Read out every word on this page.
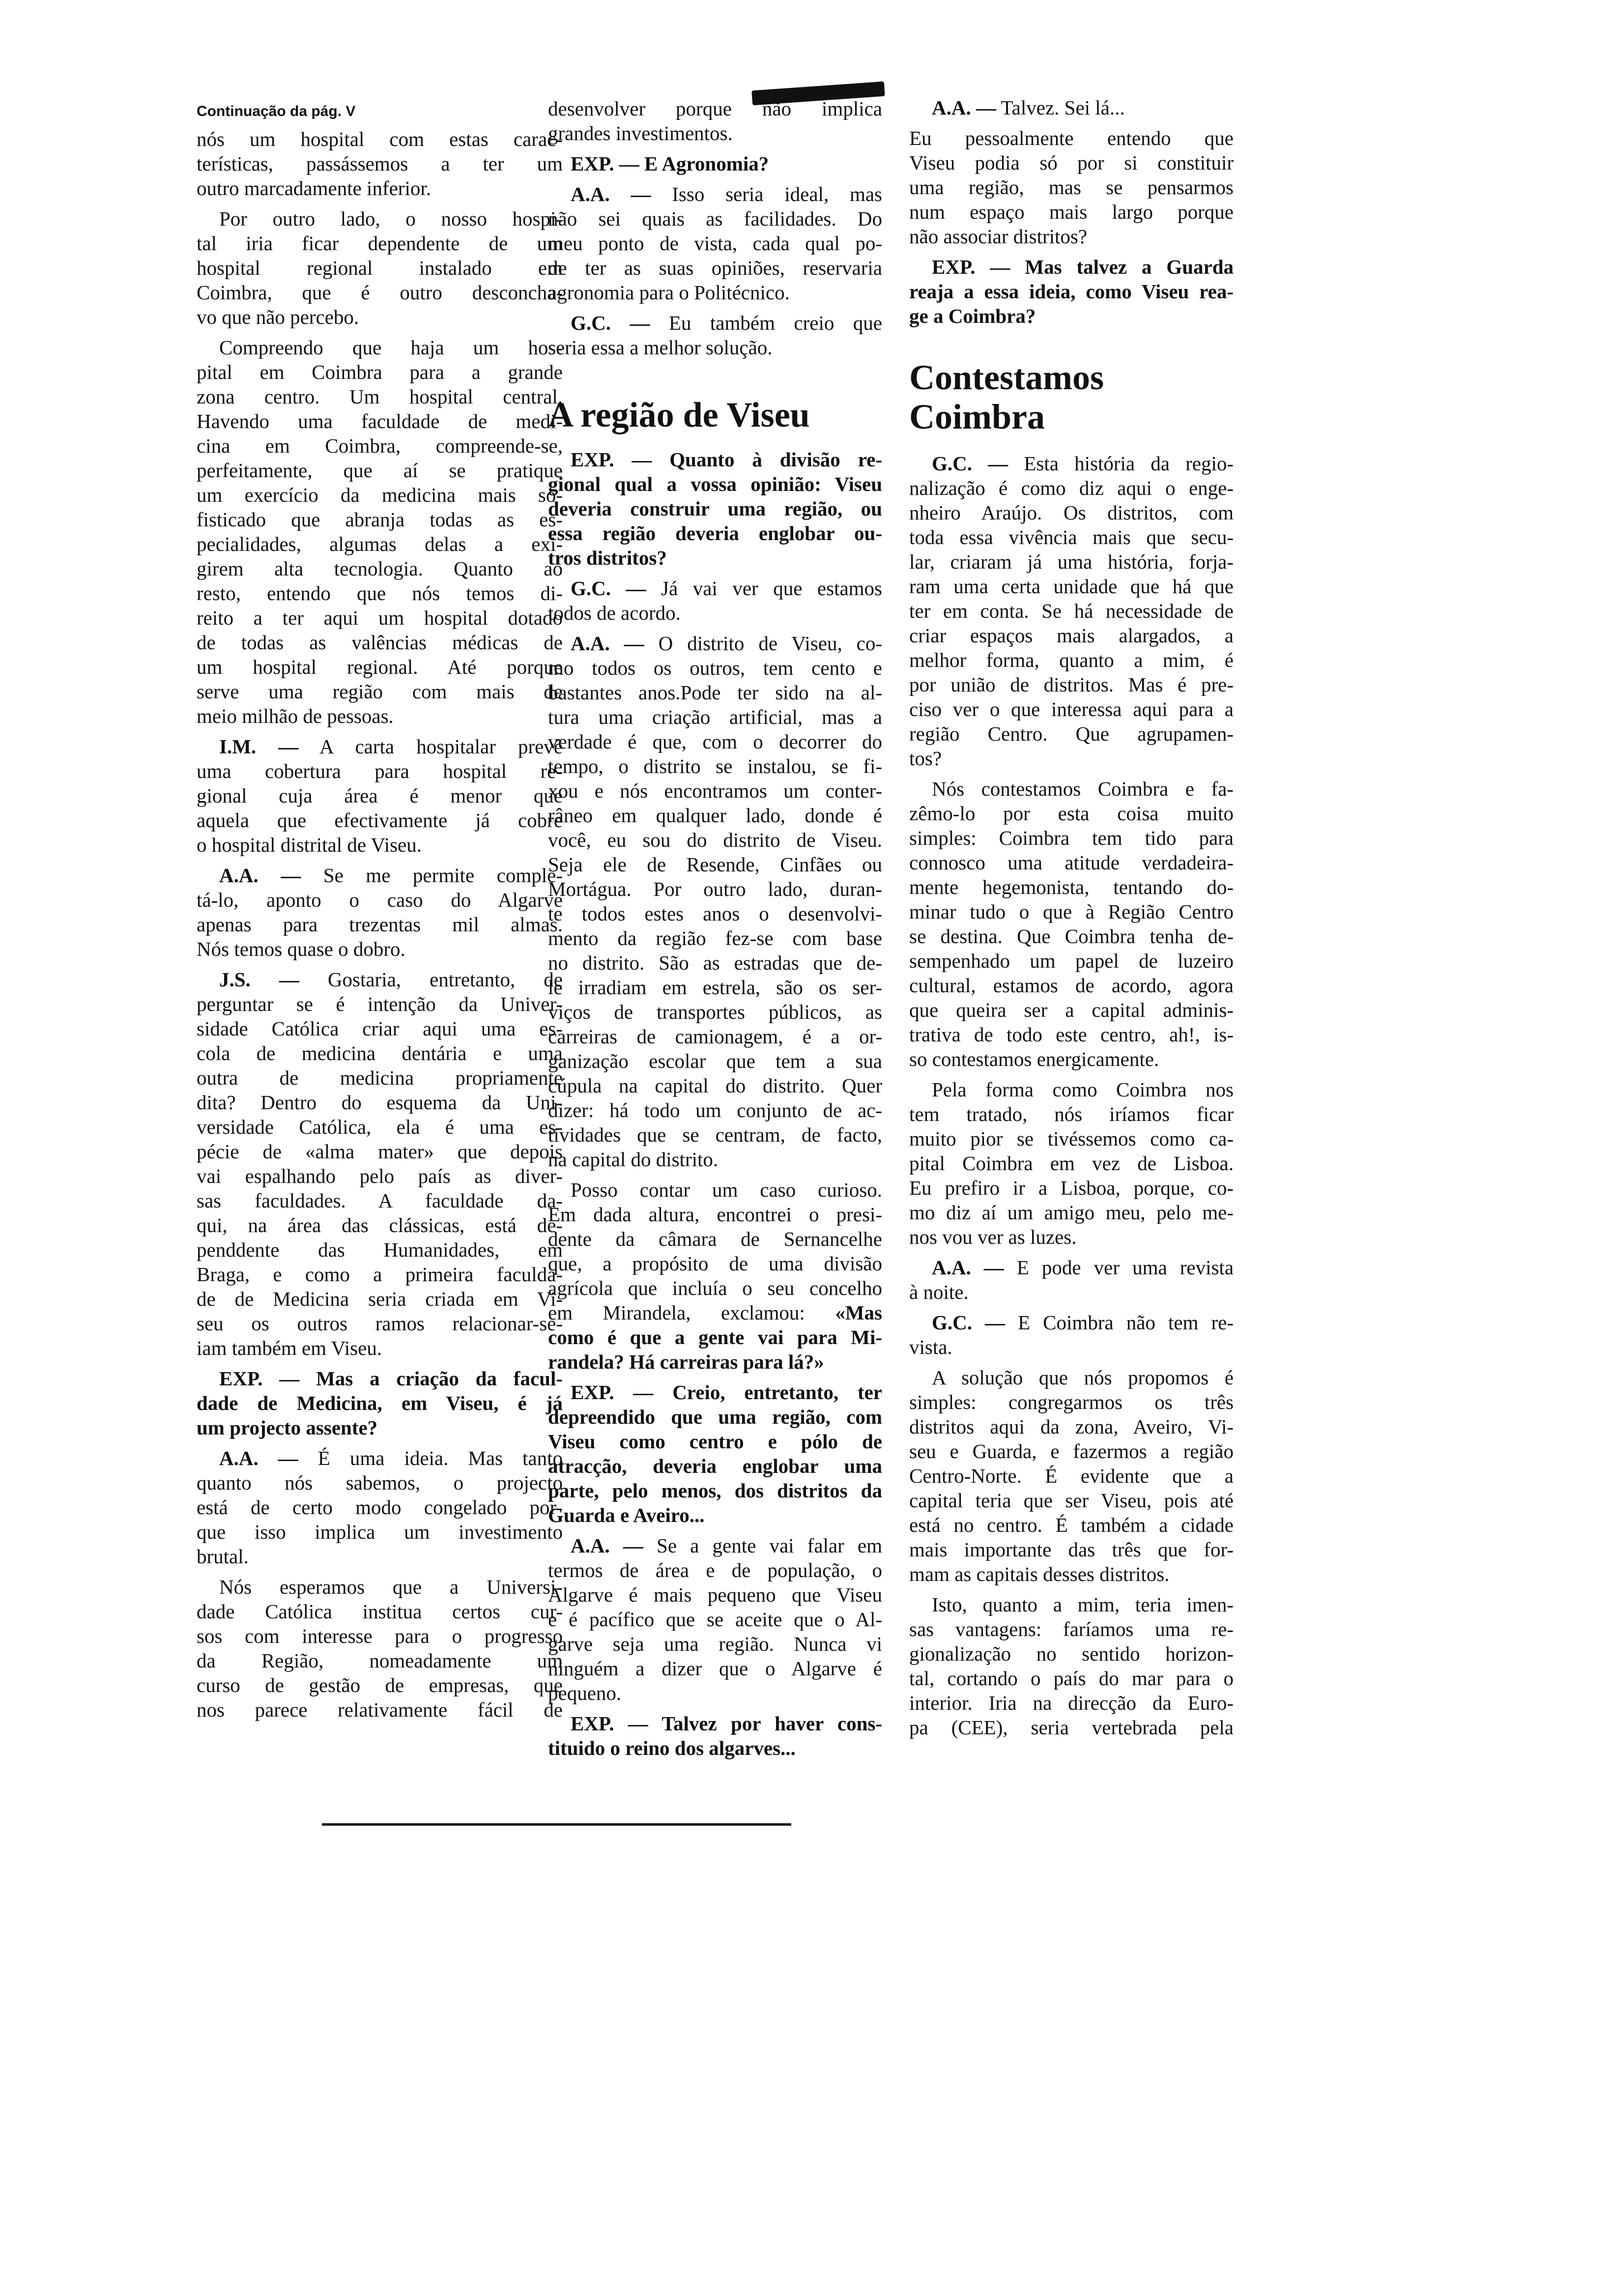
Continuação da pág. V
nós um hospital com estas carac-
terísticas, passássemos a ter um
outro marcadamente inferior.
Por outro lado, o nosso hospi-
tal iria ficar dependente de um
hospital regional instalado em
Coimbra, que é outro desconcha-
vo que não percebo.
Compreendo que haja um hos-
pital em Coimbra para a grande
zona centro. Um hospital central.
Havendo uma faculdade de medi-
cina em Coimbra, compreende-se,
perfeitamente, que aí se pratique
um exercício da medicina mais so-
fisticado que abranja todas as es-
pecialidades, algumas delas a exi-
girem alta tecnologia. Quanto ao
resto, entendo que nós temos di-
reito a ter aqui um hospital dotado
de todas as valências médicas de
um hospital regional. Até porque
serve uma região com mais de
meio milhão de pessoas.
I.M. — A carta hospitalar prevê
uma cobertura para hospital re-
gional cuja área é menor que
aquela que efectivamente já cobre
o hospital distrital de Viseu.
A.A. — Se me permite comple-
tá-lo, aponto o caso do Algarve
apenas para trezentas mil almas.
Nós temos quase o dobro.
J.S. — Gostaria, entretanto, de
perguntar se é intenção da Univer-
sidade Católica criar aqui uma es-
cola de medicina dentária e uma
outra de medicina propriamente
dita? Dentro do esquema da Uni-
versidade Católica, ela é uma es-
pécie de «alma mater» que depois
vai espalhando pelo país as diver-
sas faculdades. A faculdade da-
qui, na área das clássicas, está de-
penddente das Humanidades, em
Braga, e como a primeira faculda-
de de Medicina seria criada em Vi-
seu os outros ramos relacionar-se-
iam também em Viseu.
EXP. — Mas a criação da facul-
dade de Medicina, em Viseu, é já
um projecto assente?
A.A. — É uma ideia. Mas tanto
quanto nós sabemos, o projecto
está de certo modo congelado por-
que isso implica um investimento
brutal.
Nós esperamos que a Universi-
dade Católica institua certos cur-
sos com interesse para o progresso
da Região, nomeadamente um
curso de gestão de empresas, que
nos parece relativamente fácil de
desenvolver porque não implica
grandes investimentos.
EXP. — E Agronomia?
A.A. — Isso seria ideal, mas
não sei quais as facilidades. Do
meu ponto de vista, cada qual po-
de ter as suas opiniões, reservaria
agronomia para o Politécnico.
G.C. — Eu também creio que
seria essa a melhor solução.
A região de Viseu
EXP. — Quanto à divisão re-
gional qual a vossa opinião: Viseu
deveria construir uma região, ou
essa região deveria englobar ou-
tros distritos?
G.C. — Já vai ver que estamos
todos de acordo.
A.A. — O distrito de Viseu, co-
mo todos os outros, tem cento e
bastantes anos.Pode ter sido na al-
tura uma criação artificial, mas a
verdade é que, com o decorrer do
tempo, o distrito se instalou, se fi-
xou e nós encontramos um conter-
râneo em qualquer lado, donde é
você, eu sou do distrito de Viseu.
Seja ele de Resende, Cinfães ou
Mortágua. Por outro lado, duran-
te todos estes anos o desenvolvi-
mento da região fez-se com base
no distrito. São as estradas que de-
le irradiam em estrela, são os ser-
viços de transportes públicos, as
carreiras de camionagem, é a or-
ganização escolar que tem a sua
cúpula na capital do distrito. Quer
dizer: há todo um conjunto de ac-
tividades que se centram, de facto,
na capital do distrito.
Posso contar um caso curioso.
Em dada altura, encontrei o presi-
dente da câmara de Sernancelhe
que, a propósito de uma divisão
agrícola que incluía o seu concelho
em Mirandela, exclamou: «Mas
como é que a gente vai para Mi-
randela? Há carreiras para lá?»
EXP. — Creio, entretanto, ter
depreendido que uma região, com
Viseu como centro e pólo de
atracção, deveria englobar uma
parte, pelo menos, dos distritos da
Guarda e Aveiro...
A.A. — Se a gente vai falar em
termos de área e de população, o
Algarve é mais pequeno que Viseu
e é pacífico que se aceite que o Al-
garve seja uma região. Nunca vi
ninguém a dizer que o Algarve é
pequeno.
EXP. — Talvez por haver cons-
tituido o reino dos algarves...
A.A. — Talvez. Sei lá...
Eu pessoalmente entendo que
Viseu podia só por si constituir
uma região, mas se pensarmos
num espaço mais largo porque
não associar distritos?
EXP. — Mas talvez a Guarda
reaja a essa ideia, como Viseu rea-
ge a Coimbra?
Contestamos Coimbra
G.C. — Esta história da regio-
nalização é como diz aqui o enge-
nheiro Araújo. Os distritos, com
toda essa vivência mais que secu-
lar, criaram já uma história, forja-
ram uma certa unidade que há que
ter em conta. Se há necessidade de
criar espaços mais alargados, a
melhor forma, quanto a mim, é
por união de distritos. Mas é pre-
ciso ver o que interessa aqui para a
região Centro. Que agrupamen-
tos?
Nós contestamos Coimbra e fa-
zêmo-lo por esta coisa muito
simples: Coimbra tem tido para
connosco uma atitude verdadeira-
mente hegemonista, tentando do-
minar tudo o que à Região Centro
se destina. Que Coimbra tenha de-
sempenhado um papel de luzeiro
cultural, estamos de acordo, agora
que queira ser a capital adminis-
trativa de todo este centro, ah!, is-
so contestamos energicamente.
Pela forma como Coimbra nos
tem tratado, nós iríamos ficar
muito pior se tivéssemos como ca-
pital Coimbra em vez de Lisboa.
Eu prefiro ir a Lisboa, porque, co-
mo diz aí um amigo meu, pelo me-
nos vou ver as luzes.
A.A. — E pode ver uma revista
à noite.
G.C. — E Coimbra não tem re-
vista.
A solução que nós propomos é
simples: congregarmos os três
distritos aqui da zona, Aveiro, Vi-
seu e Guarda, e fazermos a região
Centro-Norte. É evidente que a
capital teria que ser Viseu, pois até
está no centro. É também a cidade
mais importante das três que for-
mam as capitais desses distritos.
Isto, quanto a mim, teria imen-
sas vantagens: faríamos uma re-
gionalização no sentido horizon-
tal, cortando o país do mar para o
interior. Iria na direcção da Euro-
pa (CEE), seria vertebrada pela
